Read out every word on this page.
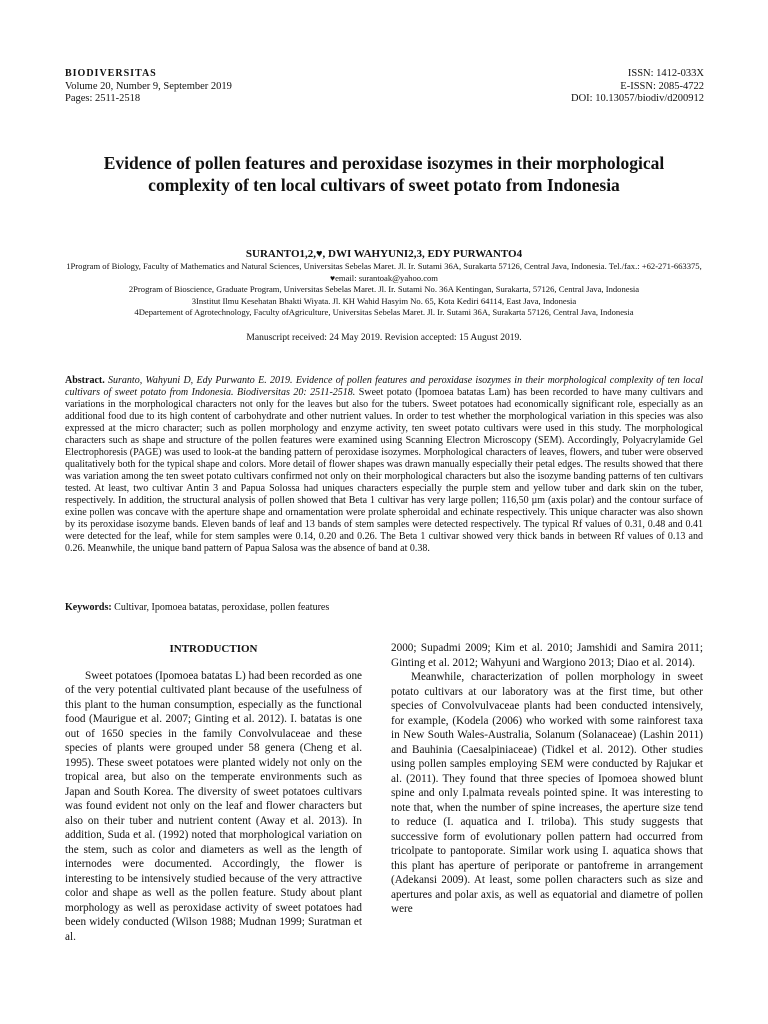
BIODIVERSITAS
Volume 20, Number 9, September 2019
Pages: 2511-2518
ISSN: 1412-033X
E-ISSN: 2085-4722
DOI: 10.13057/biodiv/d200912
Evidence of pollen features and peroxidase isozymes in their morphological complexity of ten local cultivars of sweet potato from Indonesia
SURANTO1,2,♥, DWI WAHYUNI2,3, EDY PURWANTO4
1Program of Biology, Faculty of Mathematics and Natural Sciences, Universitas Sebelas Maret. Jl. Ir. Sutami 36A, Surakarta 57126, Central Java, Indonesia. Tel./fax.: +62-271-663375, ♥email: surantoak@yahoo.com
2Program of Bioscience, Graduate Program, Universitas Sebelas Maret. Jl. Ir. Sutami No. 36A Kentingan, Surakarta, 57126, Central Java, Indonesia
3Institut Ilmu Kesehatan Bhakti Wiyata. Jl. KH Wahid Hasyim No. 65, Kota Kediri 64114, East Java, Indonesia
4Departement of Agrotechnology, Faculty ofAgriculture, Universitas Sebelas Maret. Jl. Ir. Sutami 36A, Surakarta 57126, Central Java, Indonesia
Manuscript received: 24 May 2019. Revision accepted: 15 August 2019.
Abstract. Suranto, Wahyuni D, Edy Purwanto E. 2019. Evidence of pollen features and peroxidase isozymes in their morphological complexity of ten local cultivars of sweet potato from Indonesia. Biodiversitas 20: 2511-2518. Sweet potato (Ipomoea batatas Lam) has been recorded to have many cultivars and variations in the morphological characters not only for the leaves but also for the tubers. Sweet potatoes had economically significant role, especially as an additional food due to its high content of carbohydrate and other nutrient values. In order to test whether the morphological variation in this species was also expressed at the micro character; such as pollen morphology and enzyme activity, ten sweet potato cultivars were used in this study. The morphological characters such as shape and structure of the pollen features were examined using Scanning Electron Microscopy (SEM). Accordingly, Polyacrylamide Gel Electrophoresis (PAGE) was used to look-at the banding pattern of peroxidase isozymes. Morphological characters of leaves, flowers, and tuber were observed qualitatively both for the typical shape and colors. More detail of flower shapes was drawn manually especially their petal edges. The results showed that there was variation among the ten sweet potato cultivars confirmed not only on their morphological characters but also the isozyme banding patterns of ten cultivars tested. At least, two cultivar Antin 3 and Papua Solossa had uniques characters especially the purple stem and yellow tuber and dark skin on the tuber, respectively. In addition, the structural analysis of pollen showed that Beta 1 cultivar has very large pollen; 116,50 µm (axis polar) and the contour surface of exine pollen was concave with the aperture shape and ornamentation were prolate spheroidal and echinate respectively. This unique character was also shown by its peroxidase isozyme bands. Eleven bands of leaf and 13 bands of stem samples were detected respectively. The typical Rf values of 0.31, 0.48 and 0.41 were detected for the leaf, while for stem samples were 0.14, 0.20 and 0.26. The Beta 1 cultivar showed very thick bands in between Rf values of 0.13 and 0.26. Meanwhile, the unique band pattern of Papua Salosa was the absence of band at 0.38.
Keywords: Cultivar, Ipomoea batatas, peroxidase, pollen features
INTRODUCTION

Sweet potatoes (Ipomoea batatas L) had been recorded as one of the very potential cultivated plant because of the usefulness of this plant to the human consumption, especially as the functional food (Maurigue et al. 2007; Ginting et al. 2012). I. batatas is one out of 1650 species in the family Convolvulaceae and these species of plants were grouped under 58 genera (Cheng et al. 1995). These sweet potatoes were planted widely not only on the tropical area, but also on the temperate environments such as Japan and South Korea. The diversity of sweet potatoes cultivars was found evident not only on the leaf and flower characters but also on their tuber and nutrient content (Away et al. 2013). In addition, Suda et al. (1992) noted that morphological variation on the stem, such as color and diameters as well as the length of internodes were documented. Accordingly, the flower is interesting to be intensively studied because of the very attractive color and shape as well as the pollen feature. Study about plant morphology as well as peroxidase activity of sweet potatoes had been widely conducted (Wilson 1988; Mudnan 1999; Suratman et al.

2000; Supadmi 2009; Kim et al. 2010; Jamshidi and Samira 2011; Ginting et al. 2012; Wahyuni and Wargiono 2013; Diao et al. 2014).

Meanwhile, characterization of pollen morphology in sweet potato cultivars at our laboratory was at the first time, but other species of Convolvulvaceae plants had been conducted intensively, for example, (Kodela (2006) who worked with some rainforest taxa in New South Wales-Australia, Solanum (Solanaceae) (Lashin 2011) and Bauhinia (Caesalpiniaceae) (Tidkel et al. 2012). Other studies using pollen samples employing SEM were conducted by Rajukar et al. (2011). They found that three species of Ipomoea showed blunt spine and only I.palmata reveals pointed spine. It was interesting to note that, when the number of spine increases, the aperture size tend to reduce (I. aquatica and I. triloba). This study suggests that successive form of evolutionary pollen pattern had occurred from tricolpate to pantoporate. Similar work using I. aquatica shows that this plant has aperture of periporate or pantofreme in arrangement (Adekansi 2009). At least, some pollen characters such as size and apertures and polar axis, as well as equatorial and diametre of pollen were
